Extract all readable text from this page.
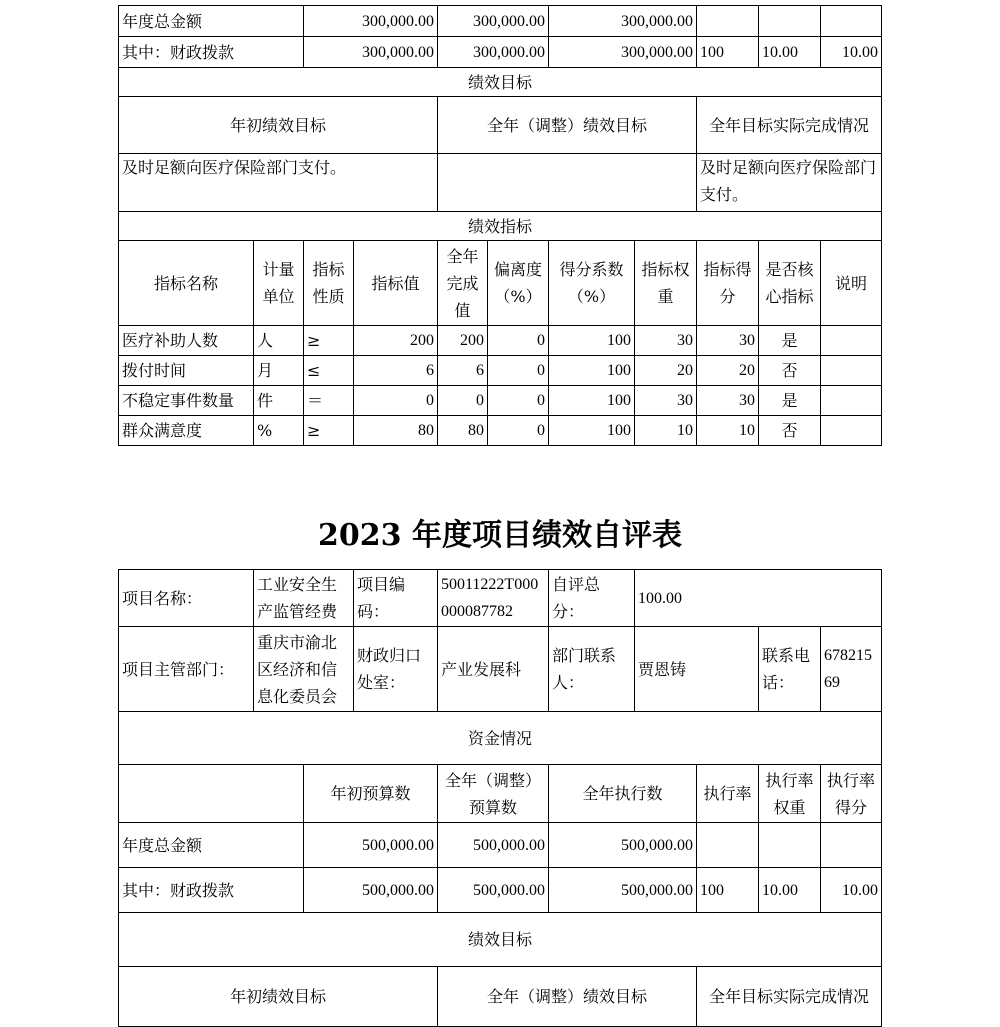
年度总金额	300,000.00	300,000.00	300,000.00			
其中：财政拨款	300,000.00	300,000.00	300,000.00	100	10.00	10.00
绩效目标						
年初绩效目标		全年（调整）绩效目标		全年目标实际完成情况		
及时足额向医疗保险部门支付。				及时足额向医疗保险部门支付。		
绩效指标						
指标名称	计量单位	指标性质	指标值	全年完成值	偏离度（%）	得分系数（%）	指标权重	指标得分	是否核心指标	说明
医疗补助人数	人	≥	200	200	0	100	30	30	是	
拨付时间	月	≤	6	6	0	100	20	20	否	
不稳定事件数量	件	＝	0	0	0	100	30	30	是	
群众满意度	%	≥	80	80	0	100	10	10	否	
2023 年度项目绩效自评表
项目名称：	工业安全生产监管经费	项目编码：	50011222T000000087782	自评总分：	100.00		
项目主管部门：	重庆市渝北区经济和信息化委员会	财政归口处室：	产业发展科	部门联系人：	贾恩铸	联系电话：	67821569
资金情况							
	年初预算数	全年（调整）预算数	全年执行数	执行率	执行率权重	执行率得分
年度总金额	500,000.00	500,000.00	500,000.00			
其中：财政拨款	500,000.00	500,000.00	500,000.00	100	10.00	10.00
绩效目标						
年初绩效目标		全年（调整）绩效目标		全年目标实际完成情况		
